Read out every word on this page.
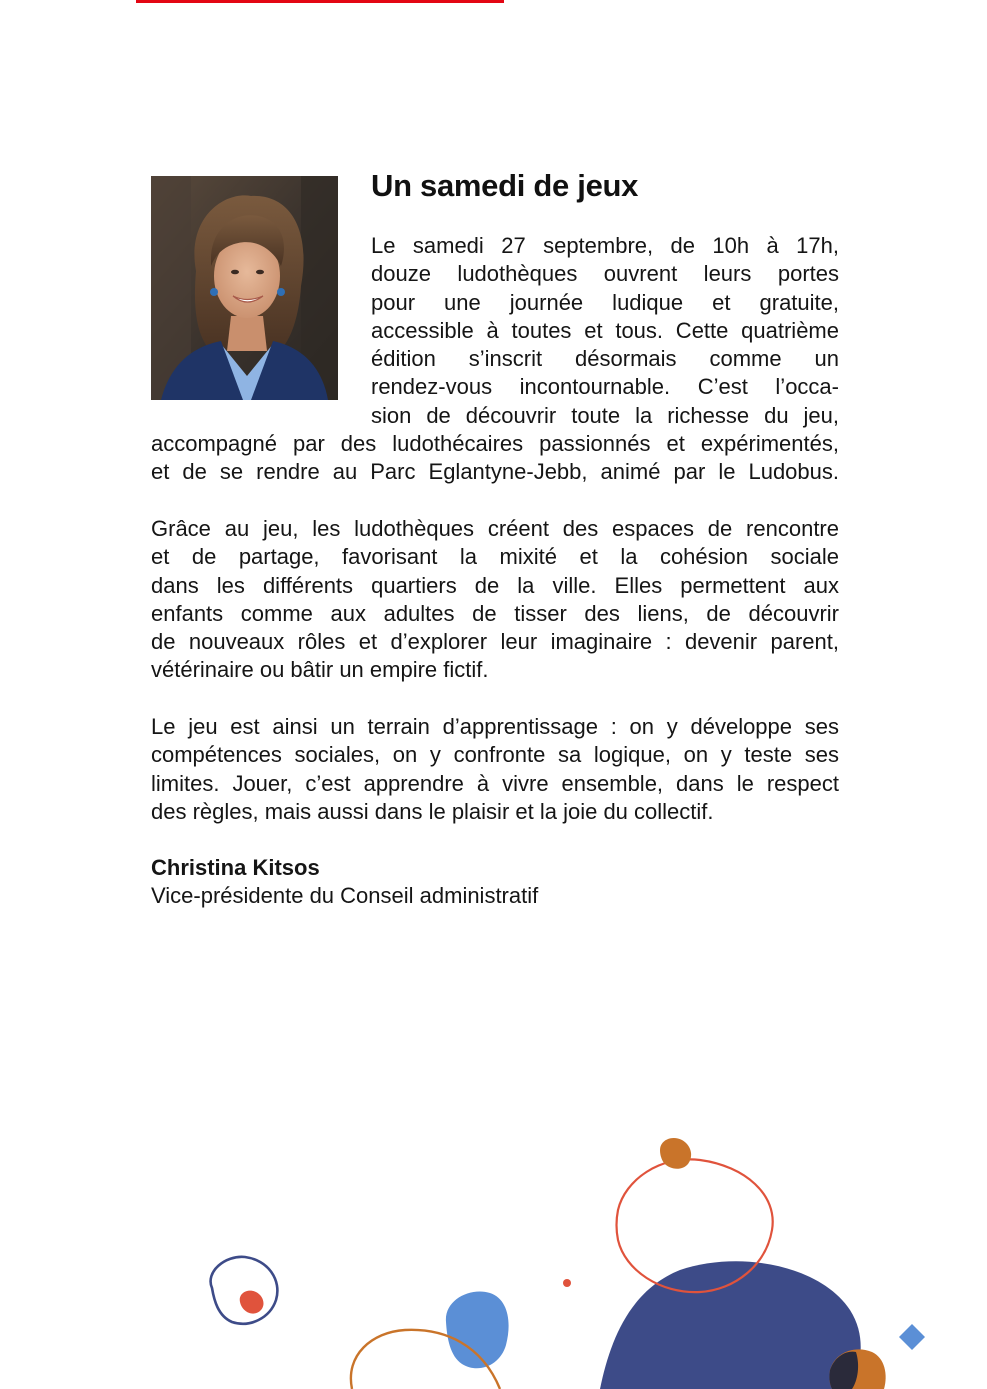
Un samedi de jeux
Le samedi 27 septembre, de 10h à 17h,
douze ludothèques ouvrent leurs portes
pour une journée ludique et gratuite,
accessible à toutes et tous. Cette quatrième
édition s’inscrit désormais comme un
rendez-vous incontournable. C’est l’occa-
sion de découvrir toute la richesse du jeu,
accompagné par des ludothécaires passionnés et expérimentés,
et de se rendre au Parc Eglantyne-Jebb, animé par le Ludobus.
Grâce au jeu, les ludothèques créent des espaces de rencontre
et de partage, favorisant la mixité et la cohésion sociale
dans les différents quartiers de la ville. Elles permettent aux
enfants comme aux adultes de tisser des liens, de découvrir
de nouveaux rôles et d’explorer leur imaginaire : devenir parent,
vétérinaire ou bâtir un empire fictif.
Le jeu est ainsi un terrain d’apprentissage : on y développe ses
compétences sociales, on y confronte sa logique, on y teste ses
limites. Jouer, c’est apprendre à vivre ensemble, dans le respect
des règles, mais aussi dans le plaisir et la joie du collectif.
Christina Kitsos
Vice-présidente du Conseil administratif
